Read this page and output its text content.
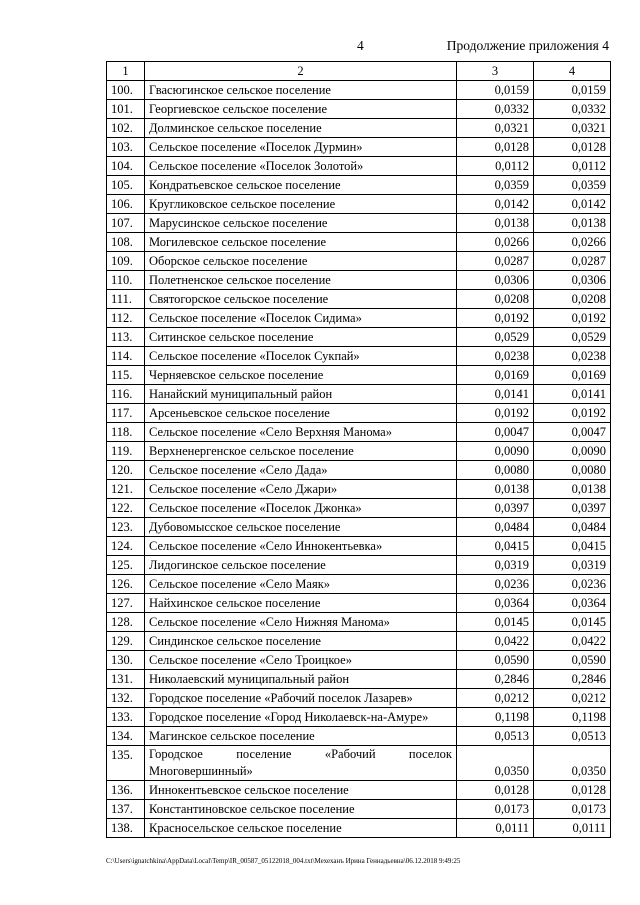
4	Продолжение приложения 4
1	2	3	4
100.	Гвасюгинское сельское поселение	0,0159	0,0159
101.	Георгиевское сельское поселение	0,0332	0,0332
102.	Долминское сельское поселение	0,0321	0,0321
103.	Сельское поселение «Поселок Дурмин»	0,0128	0,0128
104.	Сельское поселение «Поселок Золотой»	0,0112	0,0112
105.	Кондратьевское сельское поселение	0,0359	0,0359
106.	Кругликовское сельское поселение	0,0142	0,0142
107.	Марусинское сельское поселение	0,0138	0,0138
108.	Могилевское сельское поселение	0,0266	0,0266
109.	Оборское сельское поселение	0,0287	0,0287
110.	Полетненское сельское поселение	0,0306	0,0306
111.	Святогорское сельское поселение	0,0208	0,0208
112.	Сельское поселение «Поселок Сидима»	0,0192	0,0192
113.	Ситинское сельское поселение	0,0529	0,0529
114.	Сельское поселение «Поселок Сукпай»	0,0238	0,0238
115.	Черняевское сельское поселение	0,0169	0,0169
116.	Нанайский муниципальный район	0,0141	0,0141
117.	Арсеньевское сельское поселение	0,0192	0,0192
118.	Сельское поселение «Село Верхняя Манома»	0,0047	0,0047
119.	Верхненергенское сельское поселение	0,0090	0,0090
120.	Сельское поселение «Село Дада»	0,0080	0,0080
121.	Сельское поселение «Село Джари»	0,0138	0,0138
122.	Сельское поселение «Поселок Джонка»	0,0397	0,0397
123.	Дубовомысское сельское поселение	0,0484	0,0484
124.	Сельское поселение «Село Иннокентьевка»	0,0415	0,0415
125.	Лидогинское сельское поселение	0,0319	0,0319
126.	Сельское поселение «Село Маяк»	0,0236	0,0236
127.	Найхинское сельское поселение	0,0364	0,0364
128.	Сельское поселение «Село Нижняя Манома»	0,0145	0,0145
129.	Синдинское сельское поселение	0,0422	0,0422
130.	Сельское поселение «Село Троицкое»	0,0590	0,0590
131.	Николаевский муниципальный район	0,2846	0,2846
132.	Городское поселение «Рабочий поселок Лазарев»	0,0212	0,0212
133.	Городское поселение «Город Николаевск-на-Амуре»	0,1198	0,1198
134.	Магинское сельское поселение	0,0513	0,0513
135.	Городское поселение «Рабочий поселок Многовершинный»	0,0350	0,0350
136.	Иннокентьевское сельское поселение	0,0128	0,0128
137.	Константиновское сельское поселение	0,0173	0,0173
138.	Красносельское сельское поселение	0,0111	0,0111
C:\Users\ignatchkina\AppData\Local\Temp\IR_00587_05122018_004.txt\Мехеханъ Ирина Геннадьевна\06.12.2018 9:49:25
